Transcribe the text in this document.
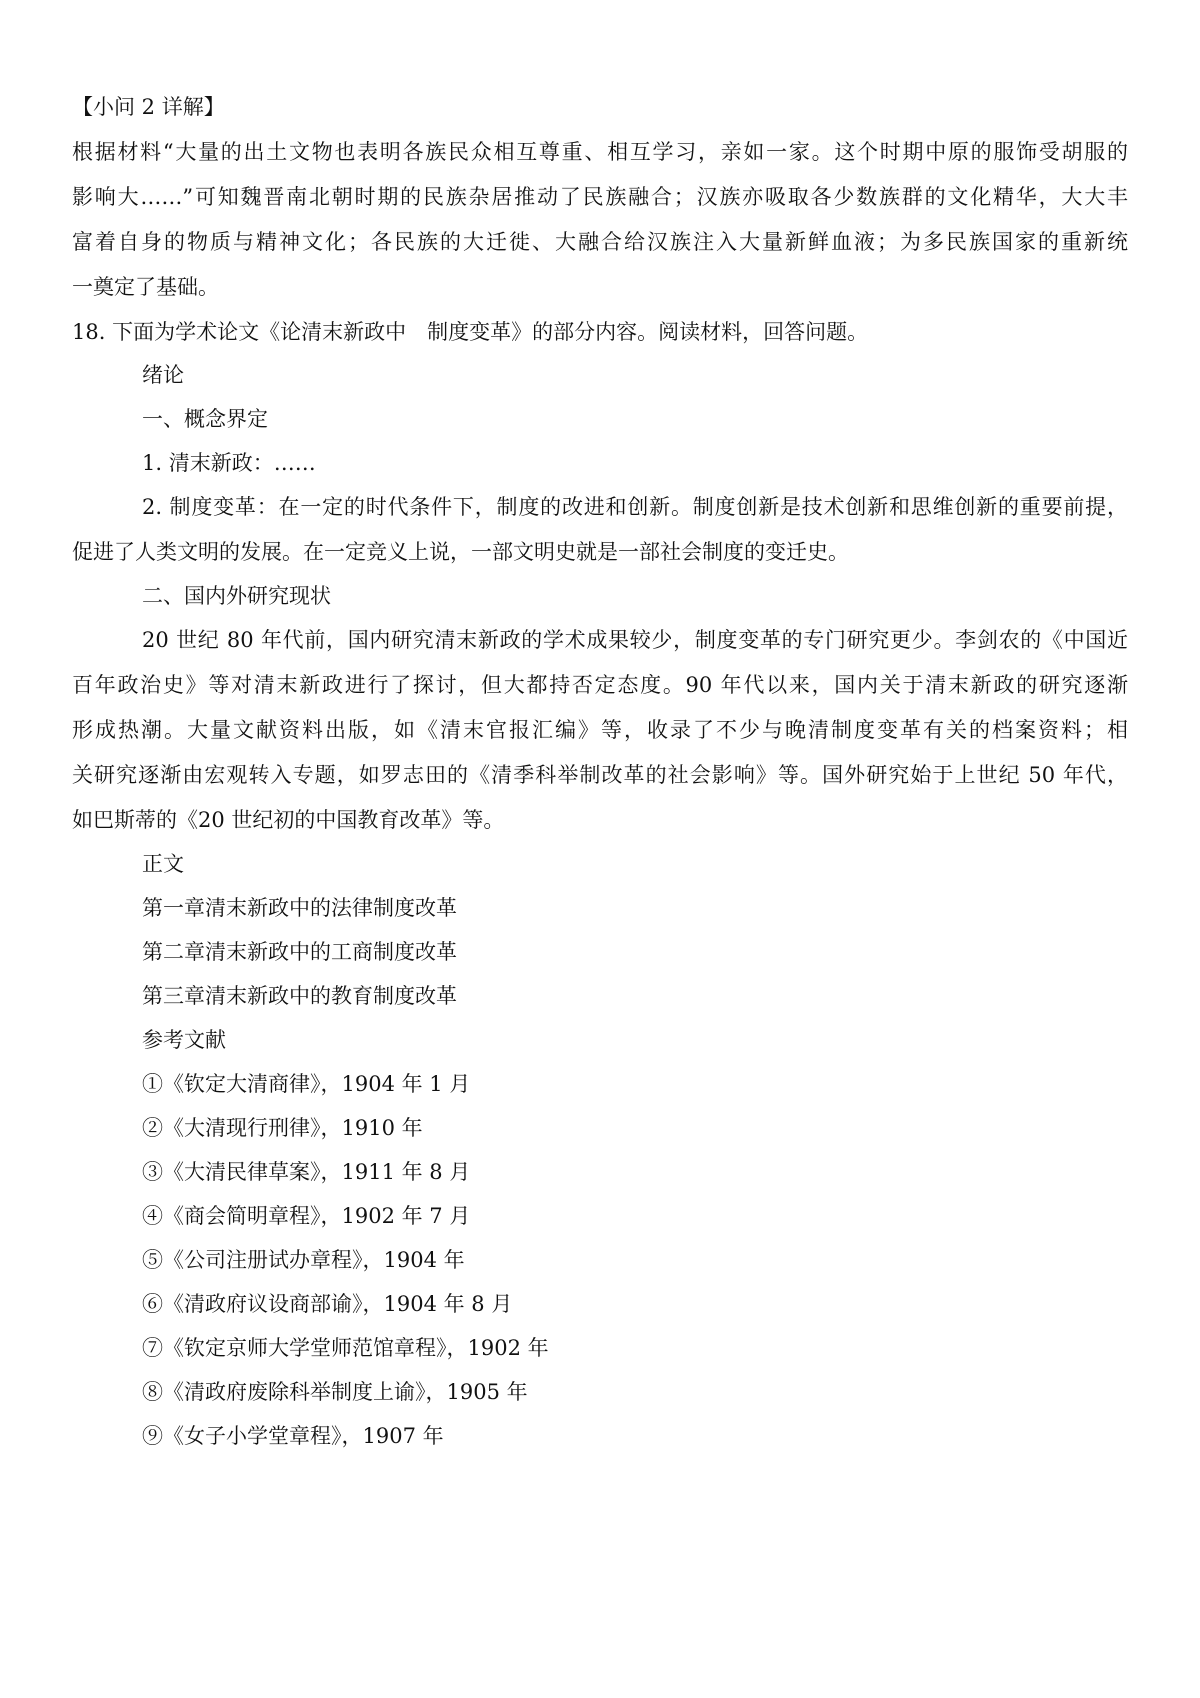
【小问 2 详解】

根据材料“大量的出土文物也表明各族民众相互尊重、相互学习，亲如一家。这个时期中原的服饰受胡服的

影响大……”可知魏晋南北朝时期的民族杂居推动了民族融合；汉族亦吸取各少数族群的文化精华，大大丰

富着自身的物质与精神文化；各民族的大迁徙、大融合给汉族注入大量新鲜血液；为多民族国家的重新统

一奠定了基础。

18. 下面为学术论文《论清末新政中　制度变革》的部分内容。阅读材料，回答问题。

绪论

一、概念界定

1. 清末新政：……

2. 制度变革：在一定的时代条件下，制度的改进和创新。制度创新是技术创新和思维创新的重要前提，

促进了人类文明的发展。在一定竞义上说，一部文明史就是一部社会制度的变迁史。

二、国内外研究现状

20 世纪 80 年代前，国内研究清末新政的学术成果较少，制度变革的专门研究更少。李剑农的《中国近

百年政治史》等对清末新政进行了探讨，但大都持否定态度。90 年代以来，国内关于清末新政的研究逐渐

形成热潮。大量文献资料出版，如《清末官报汇编》等，收录了不少与晚清制度变革有关的档案资料；相

关研究逐渐由宏观转入专题，如罗志田的《清季科举制改革的社会影响》等。国外研究始于上世纪 50 年代，

如巴斯蒂的《20 世纪初的中国教育改革》等。

正文

第一章清末新政中的法律制度改革

第二章清末新政中的工商制度改革

第三章清末新政中的教育制度改革

参考文献

①《钦定大清商律》，1904 年 1 月

②《大清现行刑律》，1910 年

③《大清民律草案》，1911 年 8 月

④《商会简明章程》，1902 年 7 月

⑤《公司注册试办章程》，1904 年

⑥《清政府议设商部谕》，1904 年 8 月

⑦《钦定京师大学堂师范馆章程》，1902 年

⑧《清政府废除科举制度上谕》，1905 年

⑨《女子小学堂章程》，1907 年
